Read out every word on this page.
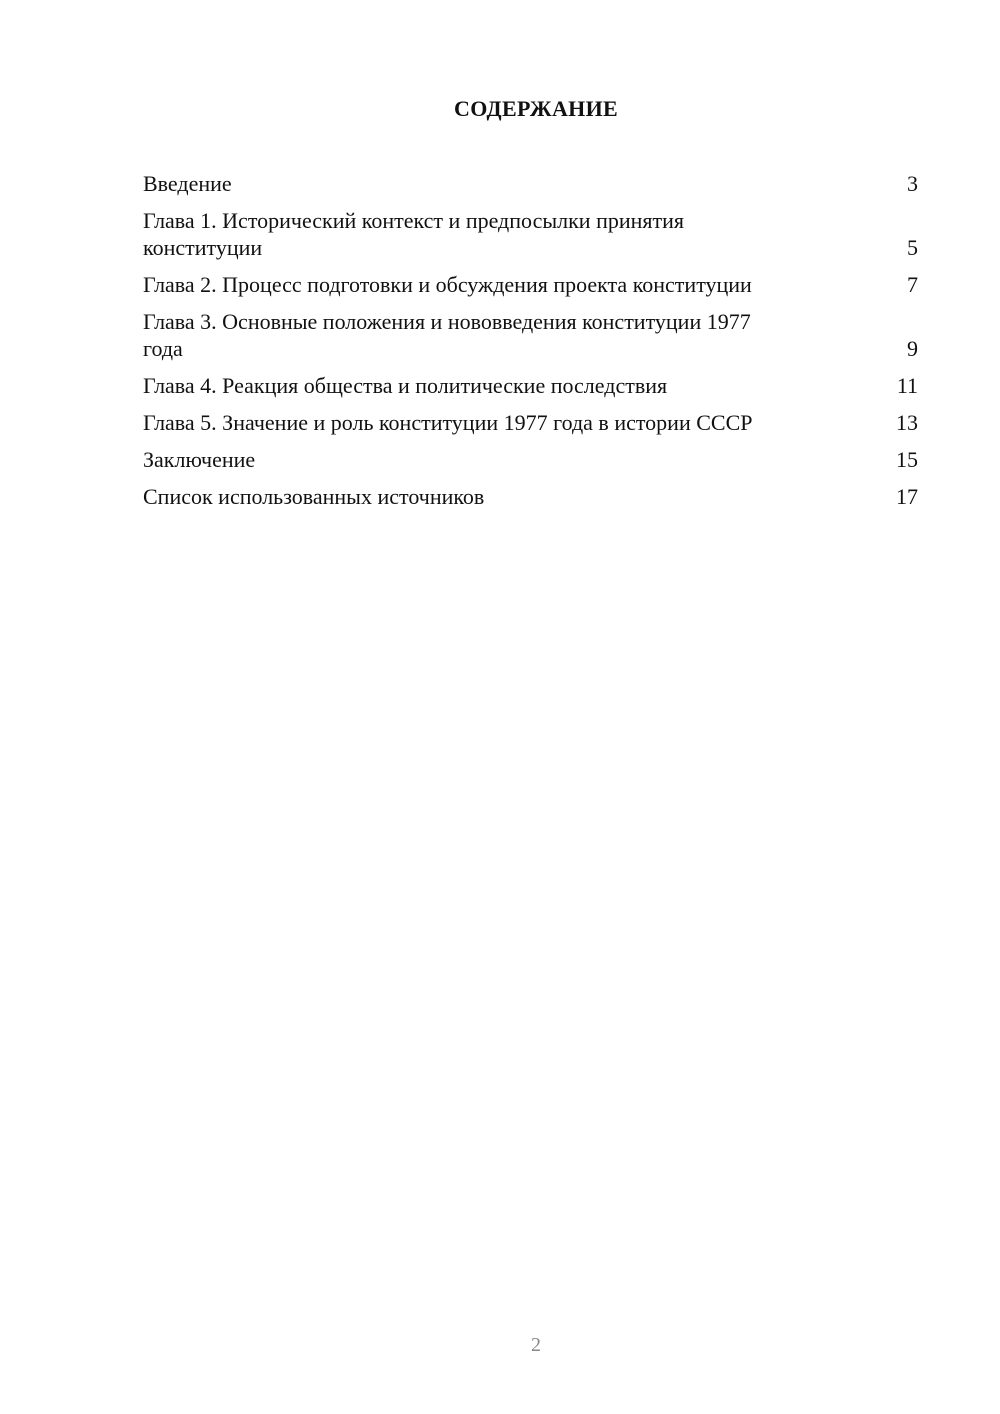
СОДЕРЖАНИЕ
Введение	3
Глава 1. Исторический контекст и предпосылки принятия конституции	5
Глава 2. Процесс подготовки и обсуждения проекта конституции	7
Глава 3. Основные положения и нововведения конституции 1977 года	9
Глава 4. Реакция общества и политические последствия	11
Глава 5. Значение и роль конституции 1977 года в истории СССР	13
Заключение	15
Список использованных источников	17
2
